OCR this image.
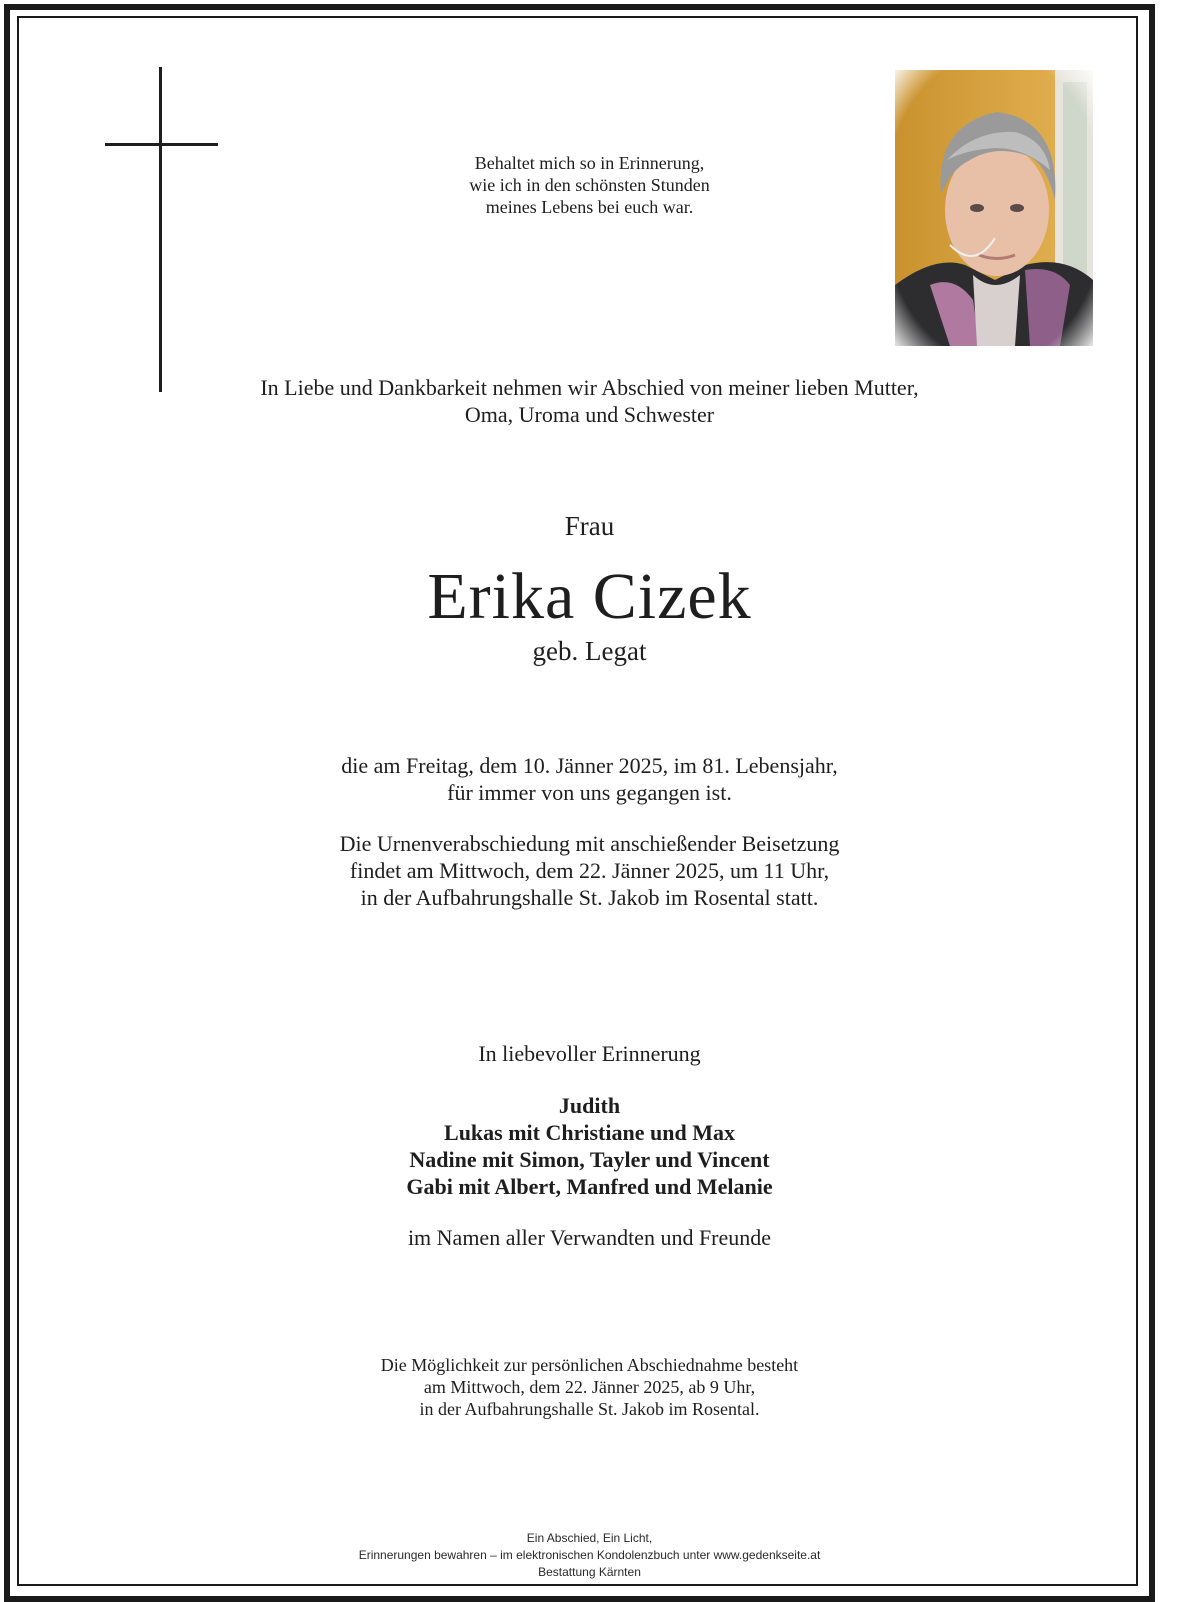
Behaltet mich so in Erinnerung,
wie ich in den schönsten Stunden
meines Lebens bei euch war.
In Liebe und Dankbarkeit nehmen wir Abschied von meiner lieben Mutter,
Oma, Uroma und Schwester
Frau
Erika Cizek
geb. Legat
die am Freitag, dem 10. Jänner 2025, im 81. Lebensjahr,
für immer von uns gegangen ist.
Die Urnenverabschiedung mit anschießender Beisetzung
findet am Mittwoch, dem 22. Jänner 2025, um 11 Uhr,
in der Aufbahrungshalle St. Jakob im Rosental statt.
In liebevoller Erinnerung
Judith
Lukas mit Christiane und Max
Nadine mit Simon, Tayler und Vincent
Gabi mit Albert, Manfred und Melanie
im Namen aller Verwandten und Freunde
Die Möglichkeit zur persönlichen Abschiednahme besteht
am Mittwoch, dem 22. Jänner 2025, ab 9 Uhr,
in der Aufbahrungshalle St. Jakob im Rosental.
Ein Abschied, Ein Licht,
Erinnerungen bewahren – im elektronischen Kondolenzbuch unter www.gedenkseite.at
Bestattung Kärnten
